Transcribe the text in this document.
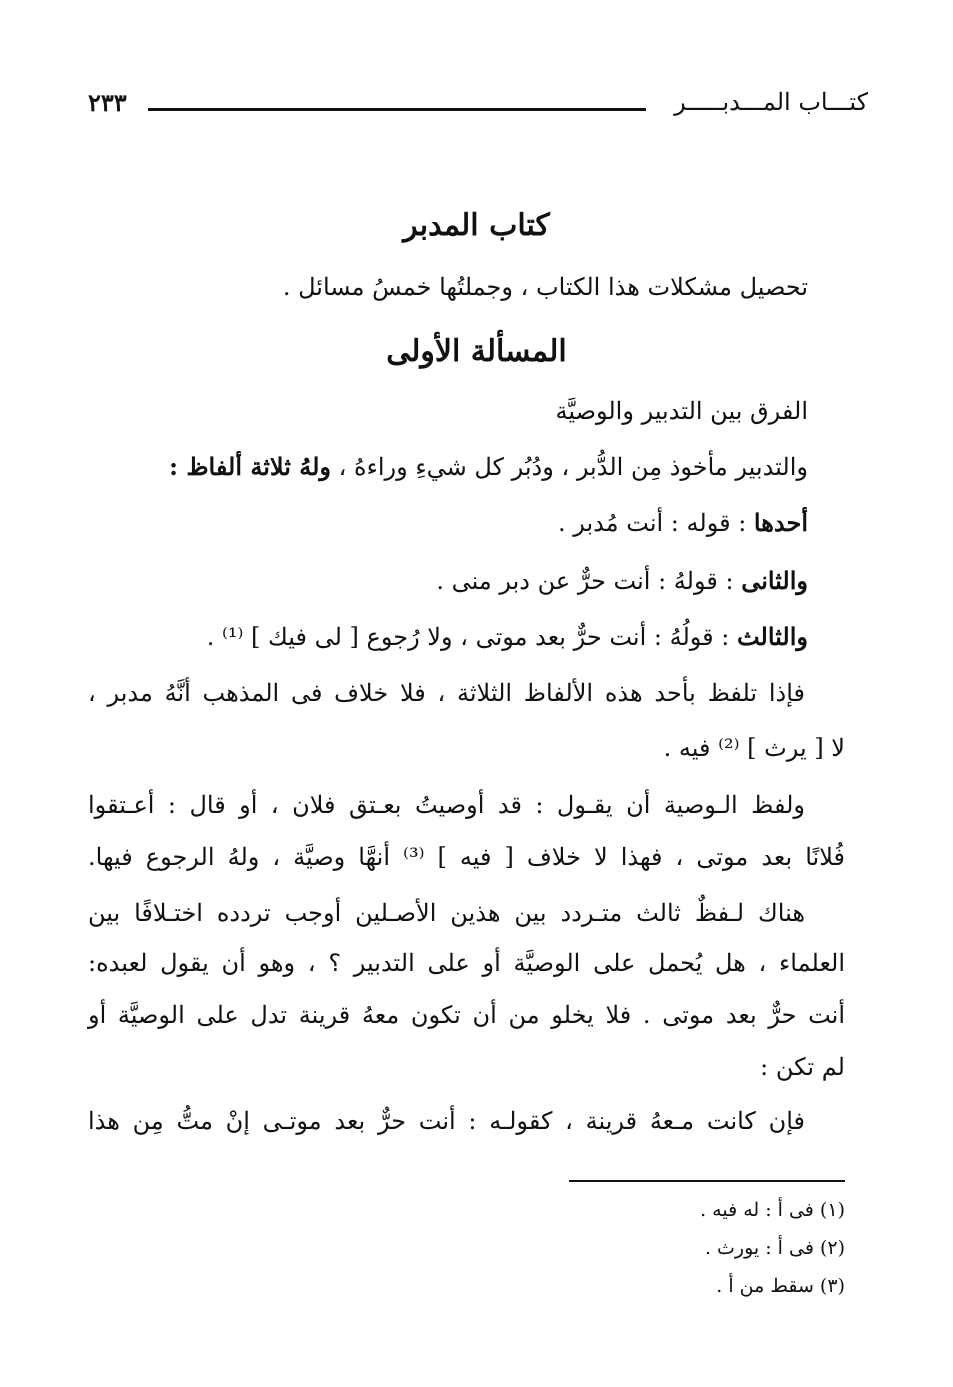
كتـــاب المـــدبـــــر
٢٣٣
كتاب المدبر
تحصيل مشكلات هذا الكتاب ، وجملتُها خمسُ مسائل .
المسألة الأولى
الفرق بين التدبير والوصيَّة
والتدبير مأخوذ مِن الدُّبر ، ودُبُر كل شيءِ وراءهُ ، ولهُ ثلاثة ألفاظ :
أحدها : قوله : أنت مُدبر .
والثانى : قولهُ : أنت حرٌّ عن دبر منى .
والثالث : قولُهُ : أنت حرٌّ بعد موتى ، ولا رُجوع [ لى فيك ] ⁽¹⁾ .
فإذا تلفظ بأحد هذه الألفاظ الثلاثة ، فلا خلاف فى المذهب أنَّهُ مدبر ،
لا [ يرث ] ⁽²⁾ فيه .
ولفظ الـوصية أن يقـول : قد أوصيتُ بعـتق فلان ، أو قال : أعـتقوا
فُلانًا بعد موتى ، فهذا لا خلاف [ فيه ] ⁽³⁾ أنهَّا وصيَّة ، ولهُ الرجوع فيها.
هناك لـفظٌ ثالث متـردد بين هذين الأصـلين أوجب تردده اختـلافًا بين
العلماء ، هل يُحمل على الوصيَّة أو على التدبير ؟ ، وهو أن يقول لعبده:
أنت حرٌّ بعد موتى . فلا يخلو من أن تكون معهُ قرينة تدل على الوصيَّة أو
لم تكن :
فإن كانت مـعهُ قرينة ، كقولـه : أنت حرٌّ بعد موتـى إنْ متُّ مِن هذا
(١) فى أ : له فيه .
(٢) فى أ : يورث .
(٣) سقط من أ .
